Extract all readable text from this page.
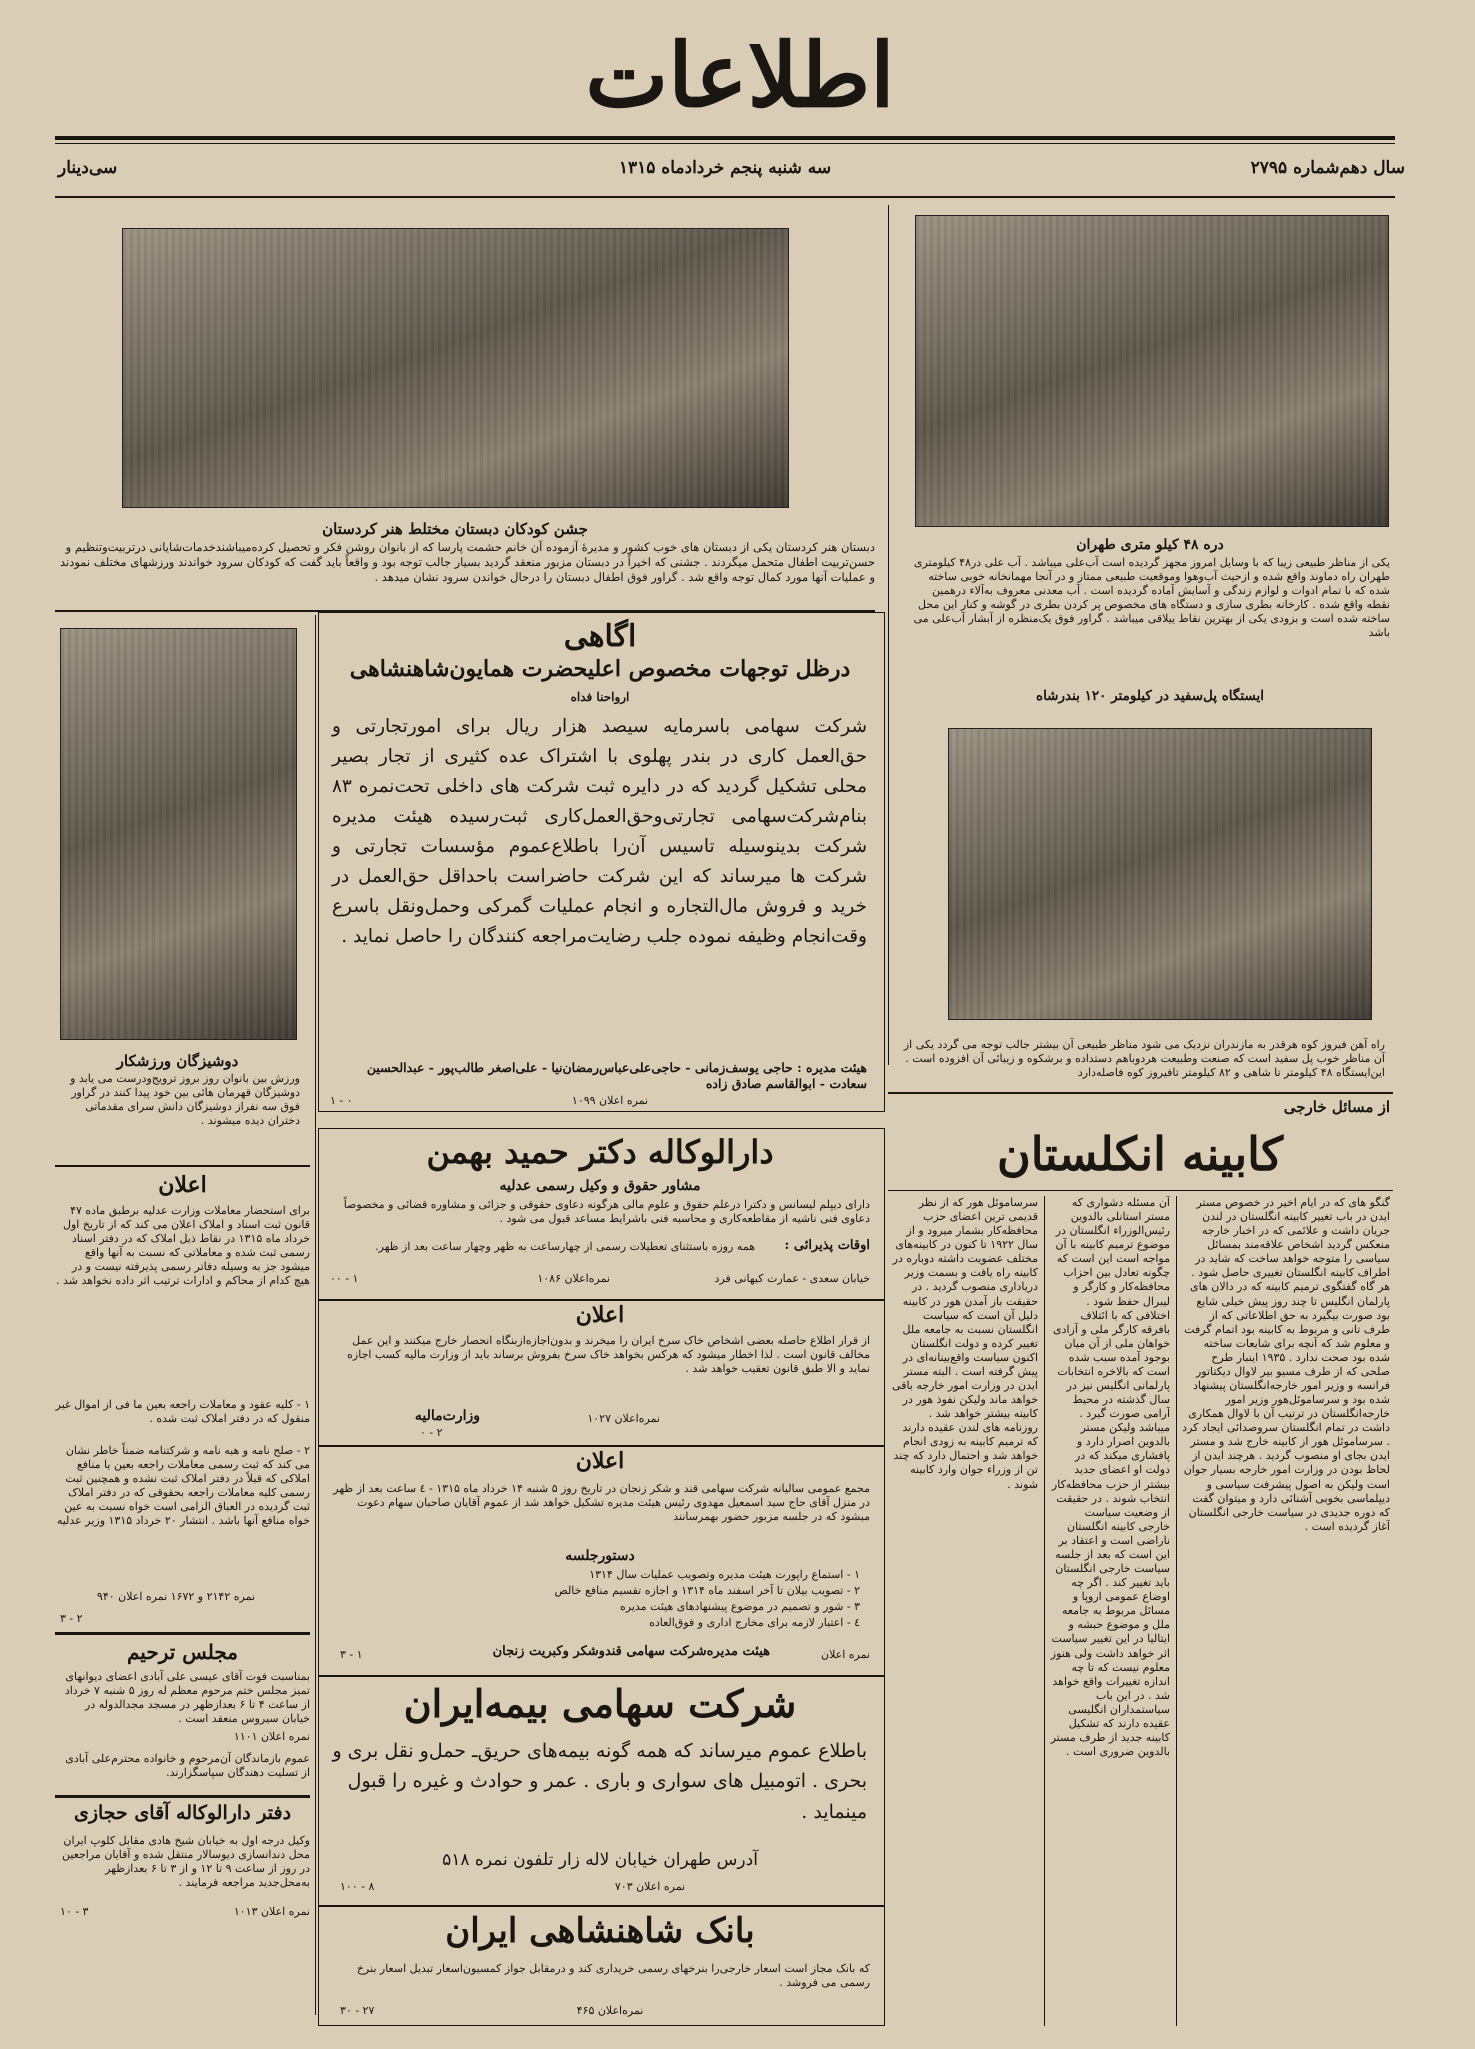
اطلاعات
سال دهم‌شماره ۲۷۹۵
سه شنبه پنجم خردادماه ۱۳۱۵
سی‌دینار
جشن کودکان دبستان مختلط هنر کردستان
دبستان هنر کردستان یکی از دبستان های خوب کشور و مدیرهٔ آزموده آن خانم حشمت پارسا که از بانوان روشن فکر و تحصیل کرده‌میباشند‌خدمات‌شایانی در‌تربیت‌وتنظیم و حسن‌تربیت اطفال متحمل میگردند . جشنی که اخیراً در دبستان مزبور منعقد گردید بسیار جالب توجه بود و واقعاً باید گفت که کودکان سرود خواندند ورزشهای مختلف نمودند و عملیات‌ آنها مورد کمال توجه واقع شد . گراور فوق اطفال دبستان را در‌حال خواندن سرود نشان میدهد .
دره ۴۸ کیلو متری طهران
یکی از مناظر طبیعی زیبا که با وسایل امروز مجهز گردیده است آب‌علی میباشد . آب علی در۴۸ کیلومتری طهران راه دماوند واقع شده و از‌حیث آب‌وهوا وموقعیت طبیعی ممتاز و در آنجا مهمانخانه خوبی ساخته شده که با تمام ادوات و لوازم زندگی و آسایش آماده گردیده است . آب معدنی معروف به‌آلاء درهمین نقطه واقع شده . کارخانه بطری سازی و دستگاه های مخصوص پر کردن بطری در گوشه و کنار این محل ساخته شده است و بزودی یکی از بهترین نقاط ییلاقی میباشد . گراور فوق یک‌منظره از آبشار آب‌علی می باشد
ایستگاه پل‌سفید در کیلومتر ۱۲۰ بندرشاه
راه آهن فیروز کوه هرقدر به مازندران نزدیک می شود مناظر طبیعی آن بیشتر جالب توجه می گردد یکی از آن مناظر خوب پل سفید است که صنعت وطبیعت هردو‌باهم دستداده و برشکوه و زیبائی آن افزوده است . این‌ایستگاه ۴۸ کیلومتر تا شاهی و ۸۲ کیلومتر تافیروز کوه فاصله‌دارد
از مسائل خارجی
کابینه انکلستان
گنگو های که در ایام اخیر در خصوص مستر ایدن در باب تغییر کابینه انگلستان در لندن جریان داشت و علائمی که در اخبار خارجه منعکس گردید اشخاص علاقه‌مند بمسائل سیاسی را متوجه خواهد ساخت که شاید در اطراف کابینه انگلستان تغییری حاصل شود . هر گاه گفتگوی ترمیم کابینه که در دالان های پارلمان انگلیس تا چند روز پیش خیلی شایع بود صورت بیگیرد به حق اطلاعاتی که از طرف تانی و مربوط به کابینه بود اتمام گرفت و معلوم شد که آنچه برای شایعات ساخته شده بود صحت ندارد . ۱۹۳۵ اینبار طرح صلحی که از طرف مسیو بیر لاوال دیکتاتور فرانسه و وزیر امور خارجه‌انگلستان پیشنهاد شده بود و سرساموئل‌هور وزیر امور خارجه‌انگلستان در ترتیب آن با لاوال همکاری داشت در تمام انگلستان سروصدائی ایجاد کرد . سرساموئل هور از کابینه خارج شد و مستر ایدن بجای او منصوب گردید . هرچند ایدن از لحاظ بودن در وزارت امور خارجه بسیار جوان است ولیکن به اصول پیشرفت سیاسی و دیپلماسی بخوبی آشنائی دارد و میتوان گفت که دوره جدیدی در سیاست خارجی انگلستان آغاز گردیده است .
آن مسئله دشواری که مستر استانلی بالدوین رئیس‌الوزراء انگلستان در موضوع ترمیم کابینه با آن مواجه است این است که چگونه تعادل بین احزاب محافظه‌کار و کارگر و لیبرال حفظ شود . اختلافی که با ائتلاف بافرقه کارگر ملی و آزادی خواهان ملی از آن میان بوجود آمده سبب شده است که بالاخره انتخابات پارلمانی انگلیس نیز در سال گذشته در محیط آرامی صورت گیرد . میباشد ولیکن مستر بالدوین اصرار دارد و پافشاری میکند که در دولت او اعضای جدید بیشتر از حزب محافظه‌کار انتخاب شوند . در حقیقت از وضعیت سیاست خارجی کابینه انگلستان ناراضی است و اعتقاد بر این است که بعد از جلسه سیاست خارجی انگلستان باید تغییر کند . اگر چه اوضاع عمومی اروپا و مسائل مربوط به جامعه ملل و موضوع حبشه و ایتالیا در این تغییر سیاست اثر خواهد داشت ولی هنوز معلوم نیست که تا چه اندازه تغییرات واقع خواهد شد . در این باب سیاستمداران انگلیسی عقیده دارند که تشکیل کابینه جدید از طرف مستر بالدوین ضروری است .
سرساموئل هور که از نظر قدیمی ترین اعضای حزب محافظه‌کار بشمار میرود و از سال ۱۹۲۲ تا کنون در کابینه‌های مختلف عضویت داشته دوباره در کابینه راه یافت و بسمت وزیر دریاداری منصوب گردید . در حقیقت باز آمدن هور در کابینه دلیل آن است که سیاست انگلستان نسبت به جامعه ملل تغییر کرده و دولت انگلستان اکنون سیاست واقع‌بینانه‌ای در پیش گرفته است . البته مستر ایدن در وزارت امور خارجه باقی خواهد ماند ولیکن نفوذ هور در کابینه بیشتر خواهد شد . روزنامه های لندن عقیده دارند که ترمیم کابینه به زودی انجام خواهد شد و احتمال دارد که چند تن از وزراء جوان وارد کابینه شوند .
دوشیزگان ورزشکار
ورزش بین بانوان روز بروز ترویج‌ودرست می یابد و دوشیزگان قهرمان هائی بین خود پیدا کنند در گراور فوق سه نفراز دوشیزگان دانش سرای مقدماتی دختران دیده میشوند .
اعلان
برای استحضار معاملات وزارت عدلیه برطبق ماده ۴۷ قانون ثبت اسناد و املاک اعلان می کند که از تاریخ اول خرداد ماه ۱۳۱۵ در نقاط ذیل املاک که در دفتر اسناد رسمی ثبت شده و معاملاتی که نسبت به آنها واقع میشود جز به وسیله دفاتر رسمی پذیرفته نیست و در هیچ کدام از محاکم و ادارات ترتیب اثر داده نخواهد شد .
۱ - کلیه عقود و معاملات راجعه بعین ما فی از اموال غیر منقول که در دفتر املاک ثبت شده .
۲ - صلح نامه و هبه نامه و شرکتنامه ضمناً خاطر نشان می کند که ثبت رسمی معاملات راجعه بعین یا منافع املاکی که قبلاً در دفتر املاک ثبت نشده و همچنین ثبت رسمی کلیه معاملات راجعه بحقوقی که در دفتر املاک ثبت گردیده در العباق الزامی است خواه نسبت به عین خواه منافع آنها باشد . انتشار ۲۰ خرداد ۱۳۱۵ وزیر عدلیه
نمره ۲۱۴۲ و ۱۶۷۲ نمره اعلان ۹۴۰
۲ - ۳
مجلس ترحیم
بمناسبت فوت آقای عیسی علی آبادی اعضای دیوانهای تمیز مجلس ختم مرحوم معظم له روز ۵ شنبه ۷ خرداد از ساعت ۴ تا ۶ بعدازظهر در مسجد مجدالدوله در خیابان سیروس منعقد است .
نمره اعلان ۱۱۰۱
عموم بازماندگان آن‌مرحوم و خانواده محترم‌علی آبادی از تسلیت دهندگان سپاسگزارند.
دفتر دارالوکاله آقای حجازی
وکیل درجه اول به خیابان شیخ هادی مقابل کلوپ ایران محل دندانسازی دیوسالار منتقل شده و آقایان مراجعین در روز از ساعت ۹ تا ۱۲ و از ۳ تا ۶ بعدازظهر به‌محل‌جدید مراجعه فرمایند .
نمره اعلان ۱۰۱۳
۳ - ۱۰
اگاهی
درظل توجهات مخصوص اعلیحضرت همایون‌شاهنشاهی
ارواحنا فداه
شرکت سهامی باسرمایه سیصد هزار ریال برای امور‌تجارتی و حق‌العمل کاری در بندر پهلوی با اشتراک عده کثیری از تجار بصیر محلی تشکیل گردید که در دایره ثبت شرکت های داخلی تحت‌نمره ۸۳ بنام‌شرکت‌سهامی تجارتی‌وحق‌العمل‌کاری ثبت‌رسیده هیئت مدیره شرکت بدینوسیله تاسیس آن‌را باطلاع‌عموم مؤسسات تجارتی و شرکت ها میرساند که این شرکت حاضراست باحداقل حق‌العمل در خرید و فروش مال‌التجاره و انجام عملیات گمرکی وحمل‌ونقل باسرع وقت‌انجام وظیفه نموده جلب رضایت‌مراجعه کنندگان را حاصل نماید .
هیئت مدیره : حاجی یوسف‌زمانی - حاجی‌علی‌عباس‌رمضان‌نیا - علی‌اصغر طالب‌پور - عبدالحسین سعادت - ابوالقاسم صادق زاده
نمره اعلان ۱۰۹۹
۰ - ۱
دارالوکاله دکتر حمید بهمن
مشاور حقوق و وکیل رسمی عدلیه
دارای دیپلم لیسانس و دکترا درعلم حقوق و علوم مالی هرگونه دعاوی حقوقی و جزائی و مشاوره قضائی و مخصوصاً دعاوی فنی ناشیه از مقاطعه‌کاری و محاسبه فنی باشرایط مساعد قبول می شود .
اوقات پذیرائی :
همه روزه باستثنای تعطیلات رسمی از چهارساعت به ظهر وچهار ساعت بعد از ظهر.
خیابان سعدی - عمارت کیهانی فرد
نمره‌اعلان ۱۰۸۶
۱ - ۰۰
اعلان
از قرار اطلاع حاصله بعضی اشخاص خاک سرخ ایران را میخرند و بدون‌اجازه‌از‌بنگاه انحصار خارج میکنند و این عمل مخالف قانون است . لذا اخطار میشود که هرکس بخواهد خاک سرخ بفروش برساند باید از وزارت مالیه کسب اجازه نماید و الا طبق قانون تعقیب خواهد شد .
نمره‌اعلان ۱۰۲۷
وزارت‌مالیه
۲ - ۰
اعلان
مجمع عمومی سالیانه شرکت سهامی قند و شکر زنجان در تاریخ روز ۵ شنبه ۱۴ خرداد ماه ۱۳۱۵ - ٤ ساعت بعد از ظهر در منزل آقای حاج سید اسمعیل مهدوی رئیس هیئت مدیره تشکیل خواهد شد از عموم آقایان صاحبان سهام دعوت میشود که در جلسه مزبور حضور بهمرسانند
دستورجلسه
۱ - استماع راپورت هیئت مدیره وتصویب عملیات سال ۱۳۱۴
۲ - تصویب بیلان تا آخر اسفند ماه ۱۳۱۴ و اجازه تقسیم منافع خالص
۳ - شور و تصمیم در موضوع پیشنهادهای هیئت مدیره
٤ - اعتبار لازمه برای مخارج اداری و فوق‌العاده
نمره اعلان
هیئت مدیره‌شرکت سهامی قندوشکر وکبریت زنجان
۱ - ۳
شرکت سهامی بیمه‌ایران
باطلاع عموم میرساند که همه گونه بیمه‌های حریق‌ـ حمل‌و نقل بری و بحری . اتومبیل های سواری و باری . عمر و حوادث و غیره را قبول مینماید .
آدرس طهران خیابان لاله زار تلفون نمره ۵۱۸
نمره اعلان ۷۰۳
۸ - ۱۰۰
بانک شاهنشاهی ایران
که بانک مجاز است اسعار خارجی‌را بنرخهای رسمی خرید‌اری کند و در‌مقابل جواز کمسیون‌اسعار تبدیل اسعار بنرخ رسمی می فروشد .
نمره‌اعلان ۴۶۵
۲۷ - ۳۰
